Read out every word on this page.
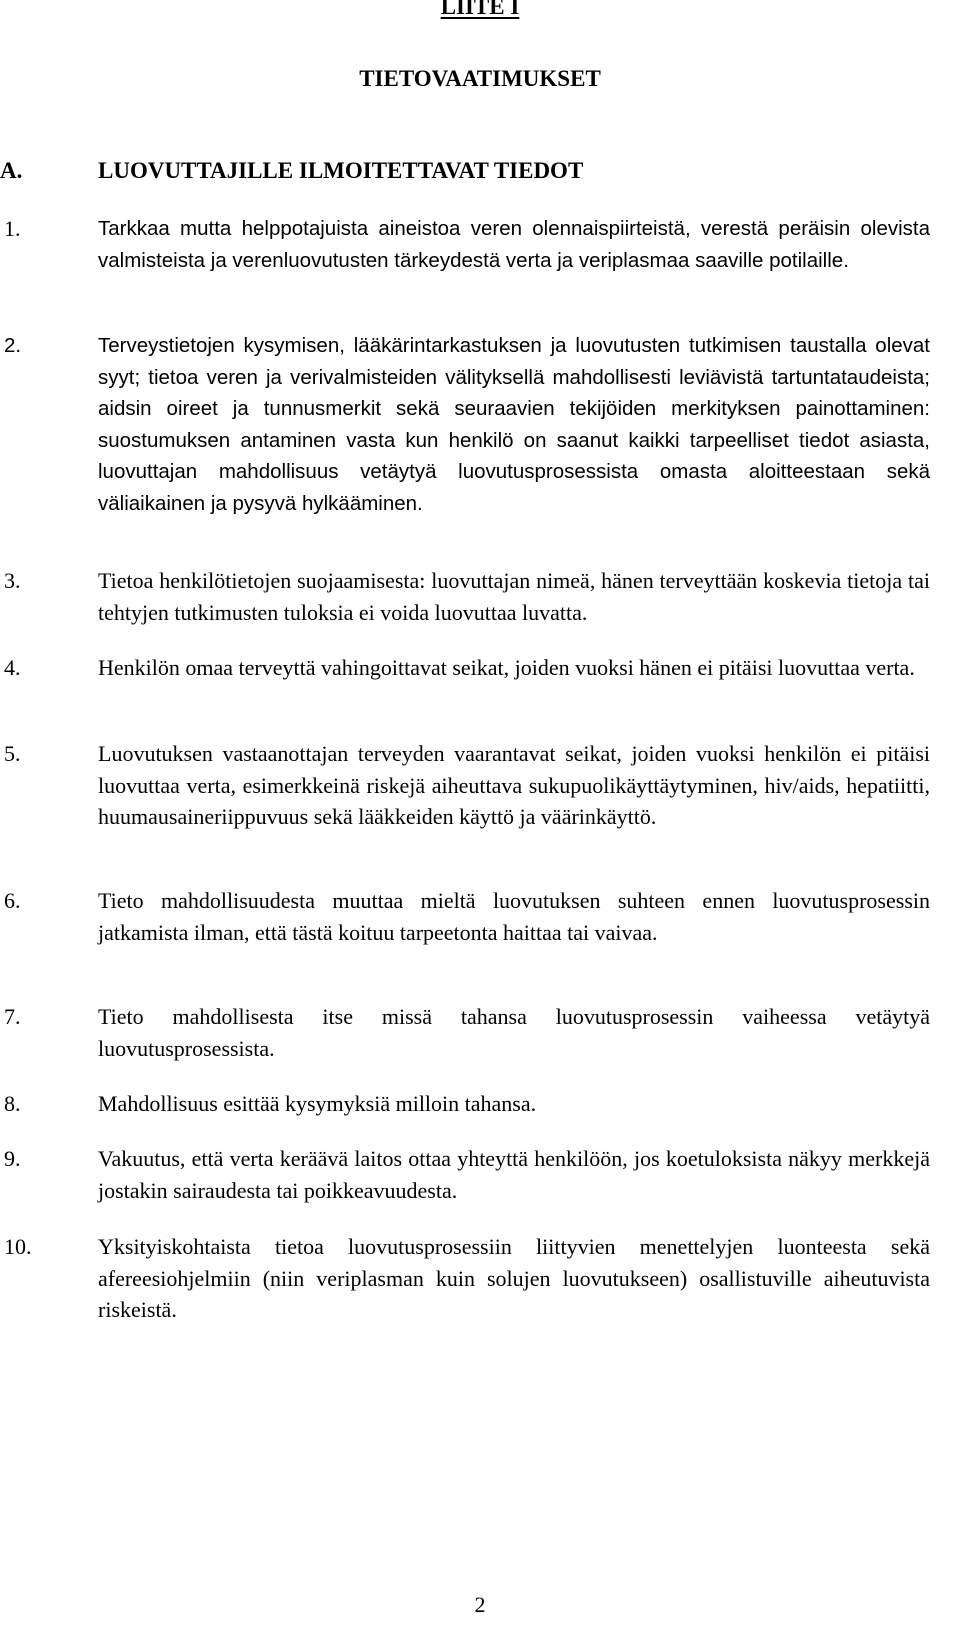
LIITE I
TIETOVAATIMUKSET
A.	LUOVUTTAJILLE ILMOITETTAVAT TIEDOT
1.	Tarkkaa mutta helppotajuista aineistoa veren olennaispiirteistä, verestä peräisin olevista valmisteista ja verenluovutusten tärkeydestä verta ja veriplasmaa saaville potilaille.
2.	Terveystietojen kysymisen, lääkärintarkastuksen ja luovutusten tutkimisen taustalla olevat syyt; tietoa veren ja verivalmisteiden välityksellä mahdollisesti leviävistä tartuntataudeista; aidsin oireet ja tunnusmerkit sekä seuraavien tekijöiden merkityksen painottaminen: suostumuksen antaminen vasta kun henkilö on saanut kaikki tarpeelliset tiedot asiasta, luovuttajan mahdollisuus vetäytyä luovutusprosessista omasta aloitteestaan sekä väliaikainen ja pysyvä hylkääminen.
3.	Tietoa henkilötietojen suojaamisesta: luovuttajan nimeä, hänen terveyttään koskevia tietoja tai tehtyjen tutkimusten tuloksia ei voida luovuttaa luvatta.
4.	Henkilön omaa terveyttä vahingoittavat seikat, joiden vuoksi hänen ei pitäisi luovuttaa verta.
5.	Luovutuksen vastaanottajan terveyden vaarantavat seikat, joiden vuoksi henkilön ei pitäisi luovuttaa verta, esimerkkeinä riskejä aiheuttava sukupuolikäyttäytyminen, hiv/aids, hepatiitti, huumausaineriippuvuus sekä lääkkeiden käyttö ja väärinkäyttö.
6.	Tieto mahdollisuudesta muuttaa mieltä luovutuksen suhteen ennen luovutusprosessin jatkamista ilman, että tästä koituu tarpeetonta haittaa tai vaivaa.
7.	Tieto mahdollisesta itse missä tahansa luovutusprosessin vaiheessa vetäytyä luovutusprosessista.
8.	Mahdollisuus esittää kysymyksiä milloin tahansa.
9.	Vakuutus, että verta keräävä laitos ottaa yhteyttä henkilöön, jos koetuloksista näkyy merkkejä jostakin sairaudesta tai poikkeavuudesta.
10.	Yksityiskohtaista tietoa luovutusprosessiin liittyvien menettelyjen luonteesta sekä afereesiohjelmiin (niin veriplasman kuin solujen luovutukseen) osallistuville aiheutuvista riskeistä.
2
